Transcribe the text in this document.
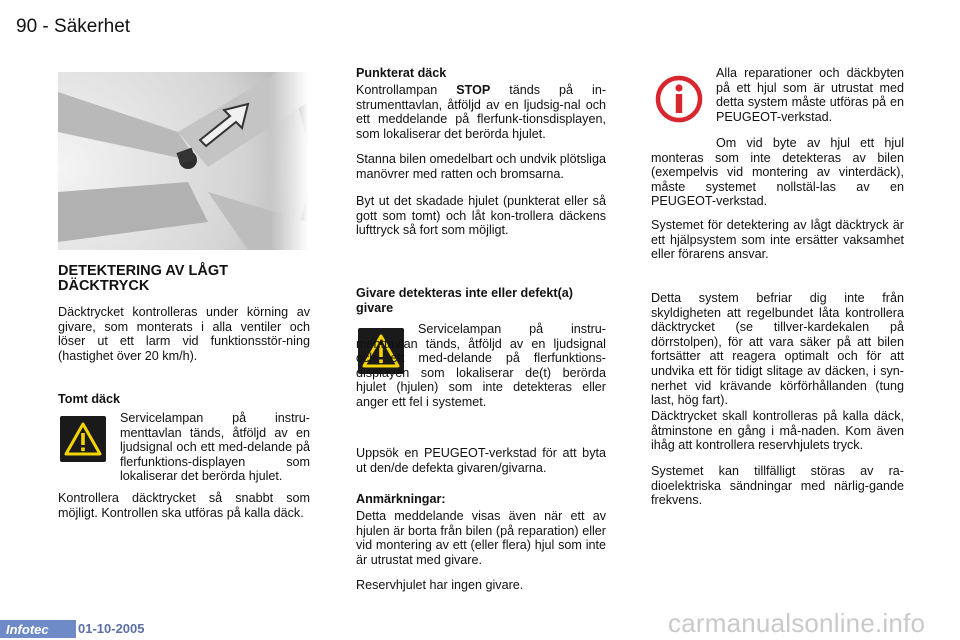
90 - Säkerhet
DETEKTERING AV LÅGT
DÄCKTRYCK

Däcktrycket kontrolleras under körning av givare, som monterats i alla ventiler och löser ut ett larm vid funktionsstör-ning (hastighet över 20 km/h).

Tomt däck

Servicelampan på instru-menttavlan tänds, åtföljd av en ljudsignal och ett med-delande på flerfunktions-displayen som lokaliserar det berörda hjulet.

Kontrollera däcktrycket så snabbt som möjligt. Kontrollen ska utföras på kalla däck.

Punkterat däck

Kontrollampan STOP tänds på in-strumenttavlan, åtföljd av en ljudsig-nal och ett meddelande på flerfunk-tionsdisplayen, som lokaliserar det berörda hjulet.

Stanna bilen omedelbart och undvik plötsliga manövrer med ratten och bromsarna.

Byt ut det skadade hjulet (punkterat eller så gott som tomt) och låt kon-trollera däckens lufttryck så fort som möjligt.

Givare detekteras inte eller defekt(a) givare

Servicelampan på instru-menttavlan tänds, åtföljd av en ljudsignal och ett med-delande på flerfunktions-displayen som lokaliserar de(t) berörda hjulet (hjulen) som inte detekteras eller anger ett fel i systemet.

Uppsök en PEUGEOT-verkstad för att byta ut den/de defekta givaren/givarna.

Anmärkningar:

Detta meddelande visas även när ett av hjulen är borta från bilen (på reparation) eller vid montering av ett (eller flera) hjul som inte är utrustat med givare.

Reservhjulet har ingen givare.

Alla reparationer och däckbyten på ett hjul som är utrustat med detta system måste utföras på en PEUGEOT-verkstad.

Om vid byte av hjul ett hjul monteras som inte detekteras av bilen (exempelvis vid montering av vinterdäck), måste systemet nollstäl-las av en PEUGEOT-verkstad.

Systemet för detektering av lågt däcktryck är ett hjälpsystem som inte ersätter vaksamhet eller förarens ansvar.

Detta system befriar dig inte från skyldigheten att regelbundet låta kontrollera däcktrycket (se tillver-kardekalen på dörrstolpen), för att vara säker på att bilen fortsätter att reagera optimalt och för att undvika ett för tidigt slitage av däcken, i syn-nerhet vid krävande körförhållanden (tung last, hög fart).

Däcktrycket skall kontrolleras på kalla däck, åtminstone en gång i må-naden. Kom även ihåg att kontrollera reservhjulets tryck.

Systemet kan tillfälligt störas av ra-dioelektriska sändningar med närlig-gande frekvens.

Infotec	01-10-2005	carmanualsonline.info
